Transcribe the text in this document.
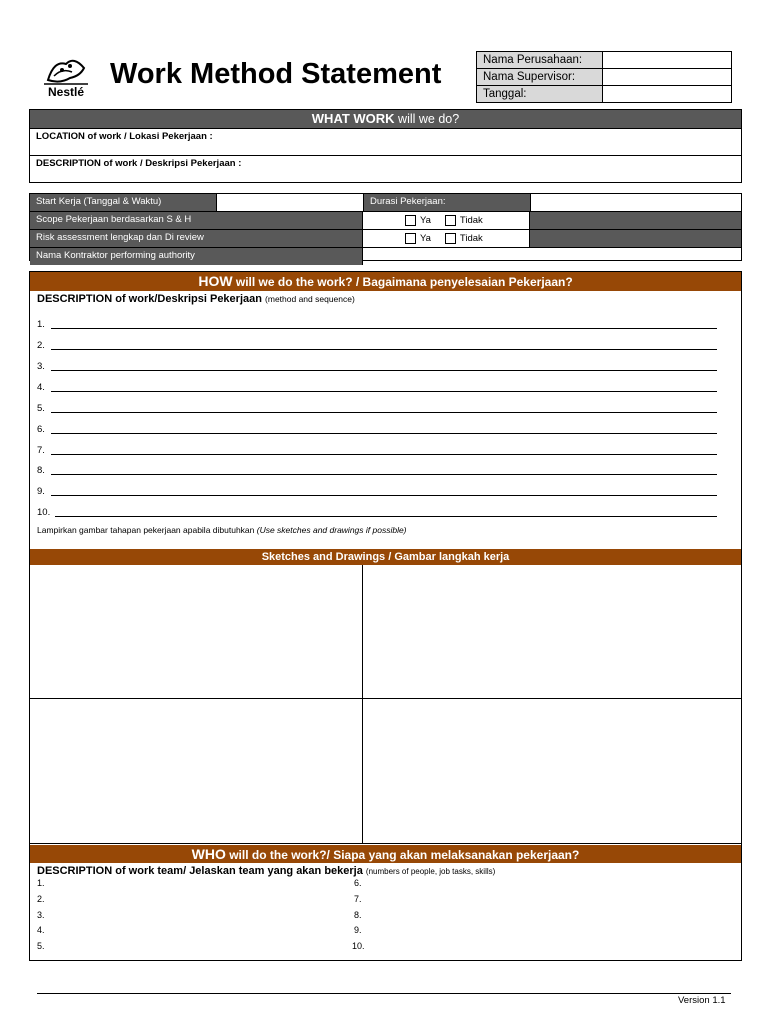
Nestlé
Work Method Statement	Nama Perusahaan:
Nama Supervisor:
Tanggal:
WHAT WORK will we do?
LOCATION of work / Lokasi Pekerjaan :
DESCRIPTION of work / Deskripsi Pekerjaan :
Start Kerja (Tanggal & Waktu)	Durasi Pekerjaan:
Scope Pekerjaan berdasarkan S & H	Ya	Tidak
Risk assessment lengkap dan Di review	Ya	Tidak
Nama Kontraktor performing authority
HOW will we do the work? / Bagaimana penyelesaian Pekerjaan?
DESCRIPTION of work/Deskripsi Pekerjaan (method and sequence)
1.
2.
3.
4.
5.
6.
7.
8.
9.
10.
Lampirkan gambar tahapan pekerjaan apabila dibutuhkan (Use sketches and drawings if possible)
Sketches and Drawings / Gambar langkah kerja
WHO will do the work?/ Siapa yang akan melaksanakan pekerjaan?
DESCRIPTION of work team/ Jelaskan team yang akan bekerja (numbers of people, job tasks, skills)
1.
2.
3.
4.
5.
6.
7.
8.
9.
10.
Version 1.1
